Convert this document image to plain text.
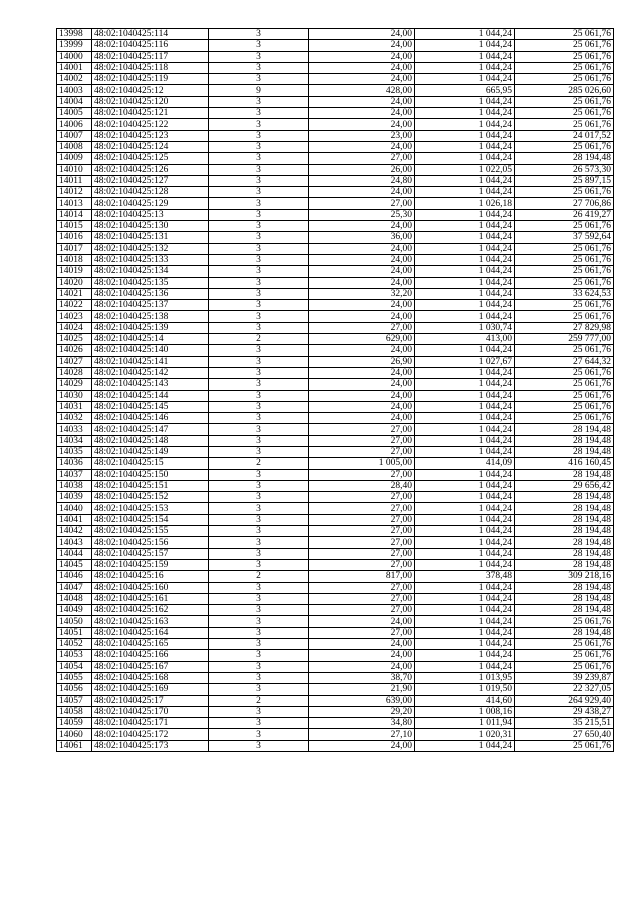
13998	48:02:1040425:114	3	24,00	1 044,24	25 061,76
13999	48:02:1040425:116	3	24,00	1 044,24	25 061,76
14000	48:02:1040425:117	3	24,00	1 044,24	25 061,76
14001	48:02:1040425:118	3	24,00	1 044,24	25 061,76
14002	48:02:1040425:119	3	24,00	1 044,24	25 061,76
14003	48:02:1040425:12	9	428,00	665,95	285 026,60
14004	48:02:1040425:120	3	24,00	1 044,24	25 061,76
14005	48:02:1040425:121	3	24,00	1 044,24	25 061,76
14006	48:02:1040425:122	3	24,00	1 044,24	25 061,76
14007	48:02:1040425:123	3	23,00	1 044,24	24 017,52
14008	48:02:1040425:124	3	24,00	1 044,24	25 061,76
14009	48:02:1040425:125	3	27,00	1 044,24	28 194,48
14010	48:02:1040425:126	3	26,00	1 022,05	26 573,30
14011	48:02:1040425:127	3	24,80	1 044,24	25 897,15
14012	48:02:1040425:128	3	24,00	1 044,24	25 061,76
14013	48:02:1040425:129	3	27,00	1 026,18	27 706,86
14014	48:02:1040425:13	3	25,30	1 044,24	26 419,27
14015	48:02:1040425:130	3	24,00	1 044,24	25 061,76
14016	48:02:1040425:131	3	36,00	1 044,24	37 592,64
14017	48:02:1040425:132	3	24,00	1 044,24	25 061,76
14018	48:02:1040425:133	3	24,00	1 044,24	25 061,76
14019	48:02:1040425:134	3	24,00	1 044,24	25 061,76
14020	48:02:1040425:135	3	24,00	1 044,24	25 061,76
14021	48:02:1040425:136	3	32,20	1 044,24	33 624,53
14022	48:02:1040425:137	3	24,00	1 044,24	25 061,76
14023	48:02:1040425:138	3	24,00	1 044,24	25 061,76
14024	48:02:1040425:139	3	27,00	1 030,74	27 829,98
14025	48:02:1040425:14	2	629,00	413,00	259 777,00
14026	48:02:1040425:140	3	24,00	1 044,24	25 061,76
14027	48:02:1040425:141	3	26,90	1 027,67	27 644,32
14028	48:02:1040425:142	3	24,00	1 044,24	25 061,76
14029	48:02:1040425:143	3	24,00	1 044,24	25 061,76
14030	48:02:1040425:144	3	24,00	1 044,24	25 061,76
14031	48:02:1040425:145	3	24,00	1 044,24	25 061,76
14032	48:02:1040425:146	3	24,00	1 044,24	25 061,76
14033	48:02:1040425:147	3	27,00	1 044,24	28 194,48
14034	48:02:1040425:148	3	27,00	1 044,24	28 194,48
14035	48:02:1040425:149	3	27,00	1 044,24	28 194,48
14036	48:02:1040425:15	2	1 005,00	414,09	416 160,45
14037	48:02:1040425:150	3	27,00	1 044,24	28 194,48
14038	48:02:1040425:151	3	28,40	1 044,24	29 656,42
14039	48:02:1040425:152	3	27,00	1 044,24	28 194,48
14040	48:02:1040425:153	3	27,00	1 044,24	28 194,48
14041	48:02:1040425:154	3	27,00	1 044,24	28 194,48
14042	48:02:1040425:155	3	27,00	1 044,24	28 194,48
14043	48:02:1040425:156	3	27,00	1 044,24	28 194,48
14044	48:02:1040425:157	3	27,00	1 044,24	28 194,48
14045	48:02:1040425:159	3	27,00	1 044,24	28 194,48
14046	48:02:1040425:16	2	817,00	378,48	309 218,16
14047	48:02:1040425:160	3	27,00	1 044,24	28 194,48
14048	48:02:1040425:161	3	27,00	1 044,24	28 194,48
14049	48:02:1040425:162	3	27,00	1 044,24	28 194,48
14050	48:02:1040425:163	3	24,00	1 044,24	25 061,76
14051	48:02:1040425:164	3	27,00	1 044,24	28 194,48
14052	48:02:1040425:165	3	24,00	1 044,24	25 061,76
14053	48:02:1040425:166	3	24,00	1 044,24	25 061,76
14054	48:02:1040425:167	3	24,00	1 044,24	25 061,76
14055	48:02:1040425:168	3	38,70	1 013,95	39 239,87
14056	48:02:1040425:169	3	21,90	1 019,50	22 327,05
14057	48:02:1040425:17	2	639,00	414,60	264 929,40
14058	48:02:1040425:170	3	29,20	1 008,16	29 438,27
14059	48:02:1040425:171	3	34,80	1 011,94	35 215,51
14060	48:02:1040425:172	3	27,10	1 020,31	27 650,40
14061	48:02:1040425:173	3	24,00	1 044,24	25 061,76
